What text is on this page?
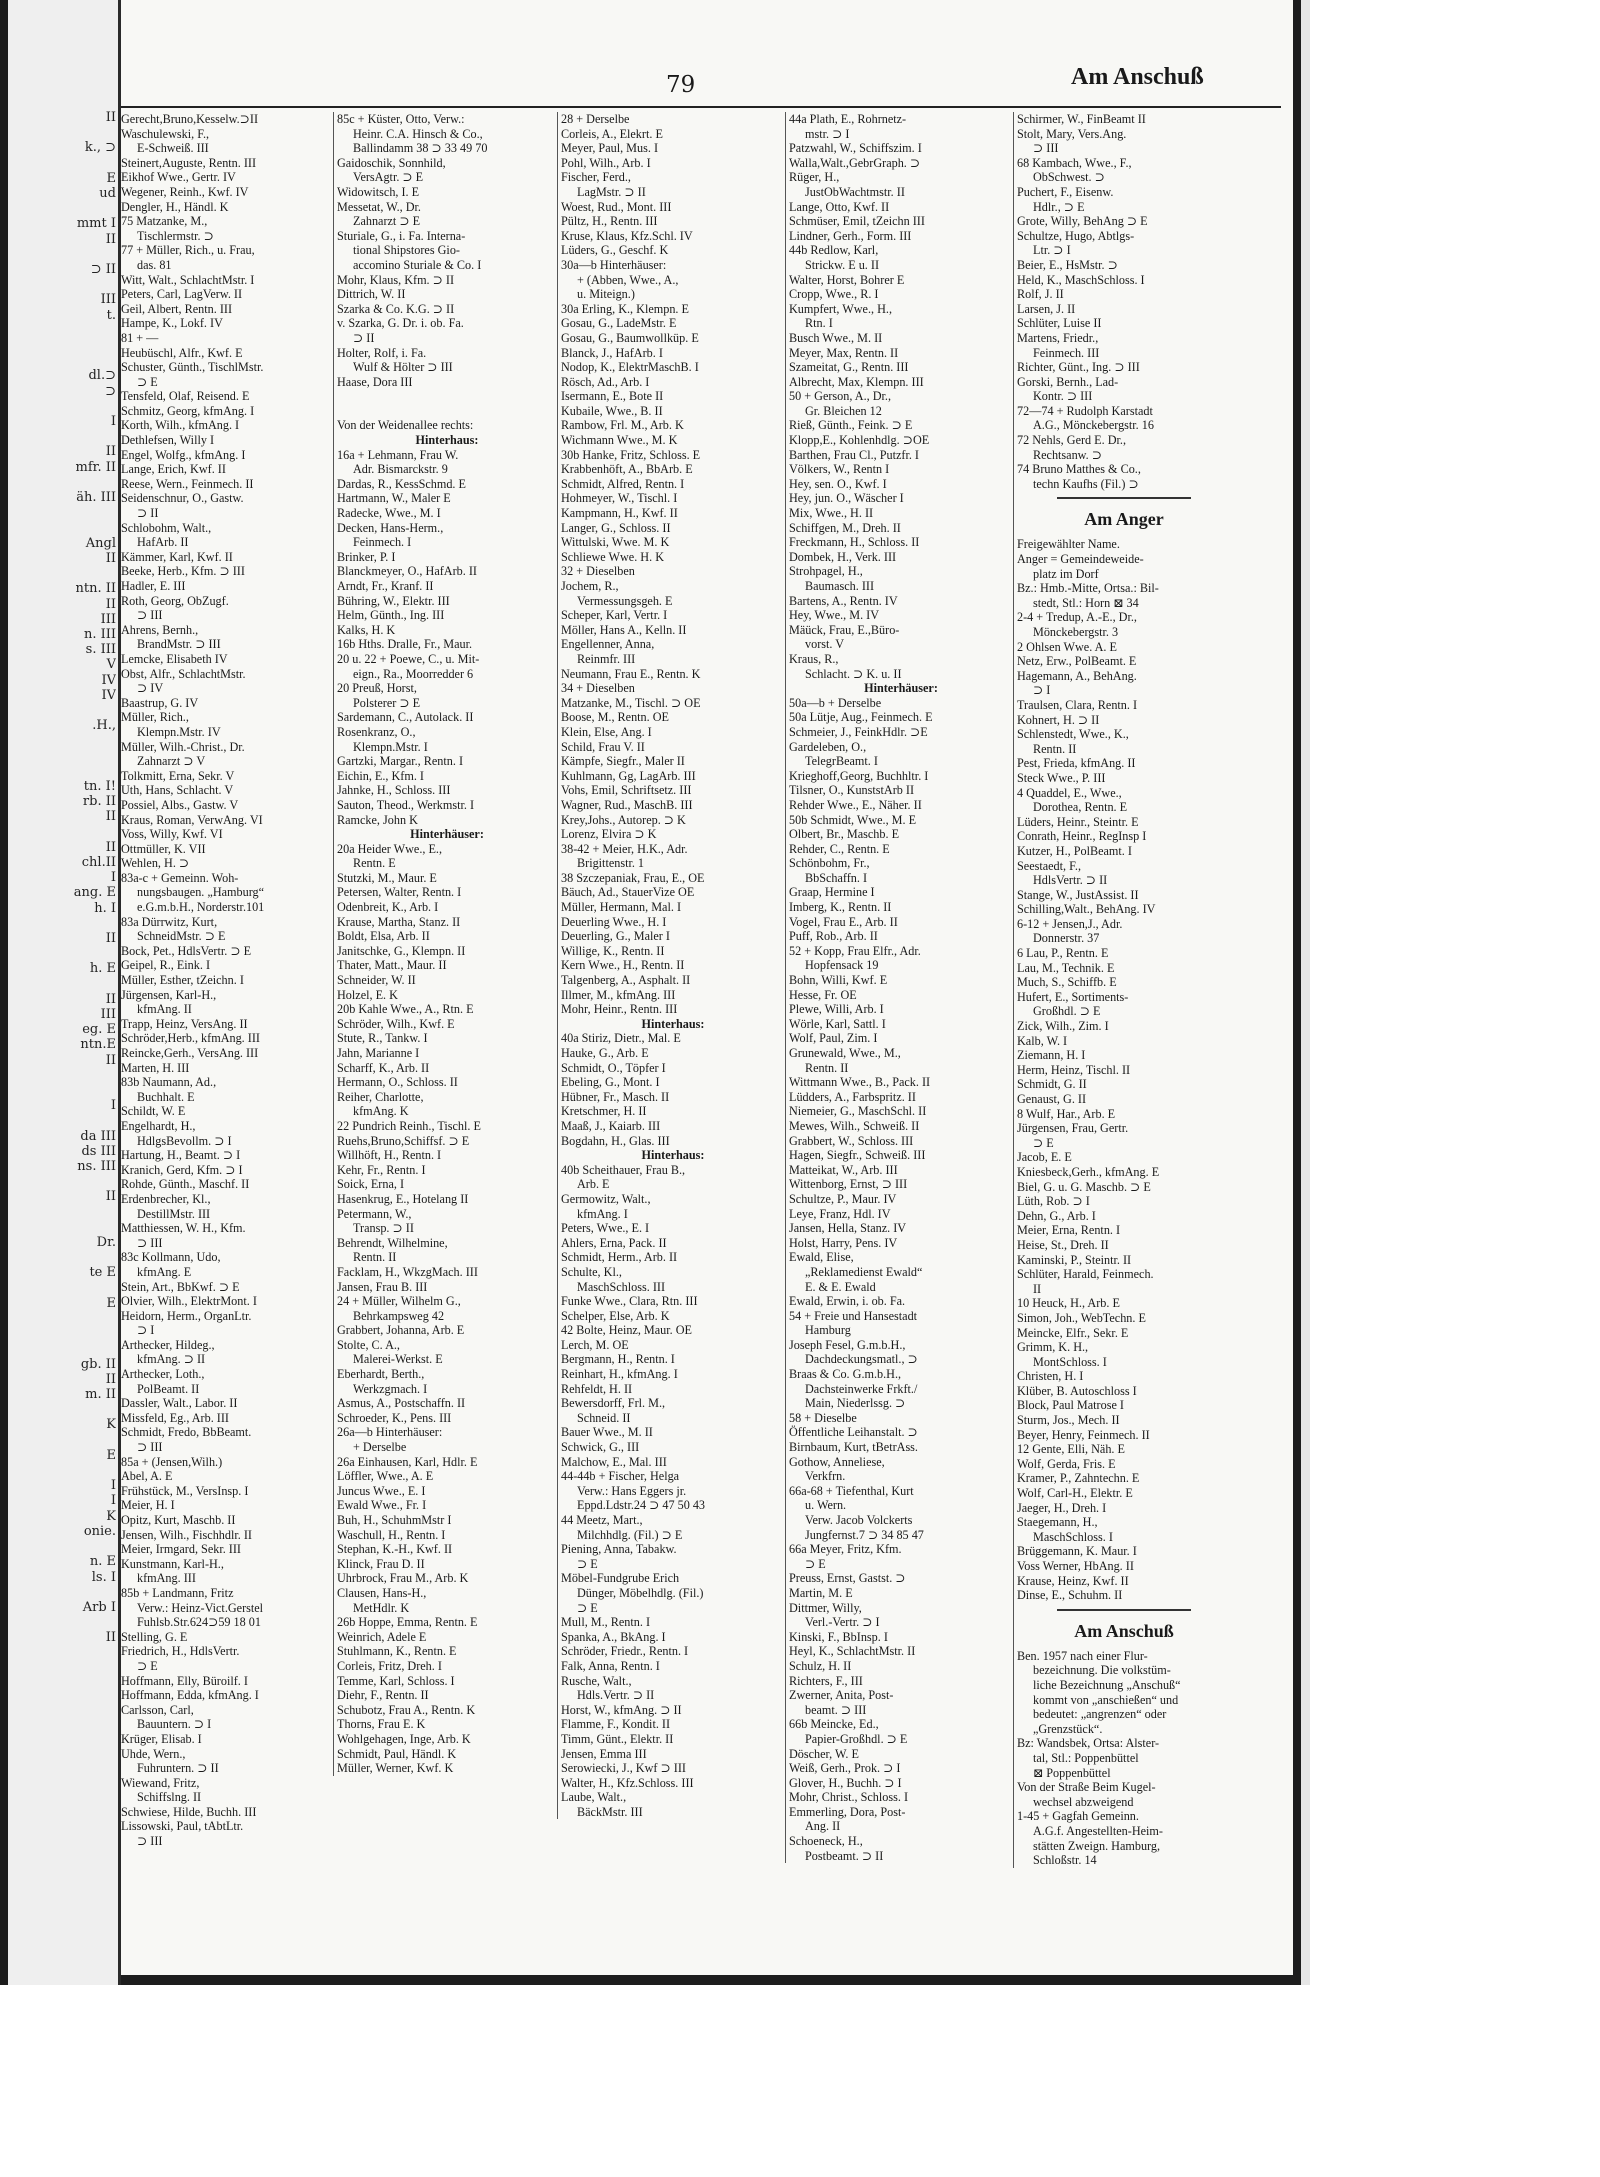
II

k., ⊃

E
ud

mmt I
II

⊃ II

III
t.

dl.⊃
⊃

I

II
mfr. II

äh. III

Angl
II

ntn. II
II
III
n. III
s. III
V
IV
IV

.H.,

tn. I!
rb. II
II

II
chl.II
I
ang. E
h. I

II

h. E

II
III
eg. E
ntn.E
II

I

da III
ds III
ns. III

II

Dr.

te E

E

gb. II
II
m. II

K

E

I
I
K
onie.

n. E
ls. I

Arb I

II
79	Am Anschuß
Gerecht,Bruno,Kesselw.⊃II
Waschulewski, F.,
E-Schweiß. III
Steinert,Auguste, Rentn. III
Eikhof Wwe., Gertr. IV
Wegener, Reinh., Kwf. IV
Dengler, H., Händl. K
75 Matzanke, M.,
Tischlermstr. ⊃
77 + Müller, Rich., u. Frau,
das. 81
Witt, Walt., SchlachtMstr. I
Peters, Carl, LagVerw. II
Geil, Albert, Rentn. III
Hampe, K., Lokf. IV
81 + —
Heubüschl, Alfr., Kwf. E
Schuster, Günth., TischlMstr.
⊃ E
Tensfeld, Olaf, Reisend. E
Schmitz, Georg, kfmAng. I
Korth, Wilh., kfmAng. I
Dethlefsen, Willy I
Engel, Wolfg., kfmAng. I
Lange, Erich, Kwf. II
Reese, Wern., Feinmech. II
Seidenschnur, O., Gastw.
⊃ II
Schlobohm, Walt.,
HafArb. II
Kämmer, Karl, Kwf. II
Beeke, Herb., Kfm. ⊃ III
Hadler, E. III
Roth, Georg, ObZugf.
⊃ III
Ahrens, Bernh.,
BrandMstr. ⊃ III
Lemcke, Elisabeth IV
Obst, Alfr., SchlachtMstr.
⊃ IV
Baastrup, G. IV
Müller, Rich.,
Klempn.Mstr. IV
Müller, Wilh.-Christ., Dr.
Zahnarzt ⊃ V
Tolkmitt, Erna, Sekr. V
Uth, Hans, Schlacht. V
Possiel, Albs., Gastw. V
Kraus, Roman, VerwAng. VI
Voss, Willy, Kwf. VI
Ottmüller, K. VII
Wehlen, H. ⊃
83a-c + Gemeinn. Woh-
nungsbaugen. „Hamburg“
e.G.m.b.H., Norderstr.101
83a Dürrwitz, Kurt,
SchneidMstr. ⊃ E
Bock, Pet., HdlsVertr. ⊃ E
Geipel, R., Eink. I
Müller, Esther, tZeichn. I
Jürgensen, Karl-H.,
kfmAng. II
Trapp, Heinz, VersAng. II
Schröder,Herb., kfmAng. III
Reincke,Gerh., VersAng. III
Marten, H. III
83b Naumann, Ad.,
Buchhalt. E
Schildt, W. E
Engelhardt, H.,
HdlgsBevollm. ⊃ I
Hartung, H., Beamt. ⊃ I
Kranich, Gerd, Kfm. ⊃ I
Rohde, Günth., Maschf. II
Erdenbrecher, Kl.,
DestillMstr. III
Matthiessen, W. H., Kfm.
⊃ III
83c Kollmann, Udo,
kfmAng. E
Stein, Art., BbKwf. ⊃ E
Olvier, Wilh., ElektrMont. I
Heidorn, Herm., OrganLtr.
⊃ I
Arthecker, Hildeg.,
kfmAng. ⊃ II
Arthecker, Loth.,
PolBeamt. II
Dassler, Walt., Labor. II
Missfeld, Eg., Arb. III
Schmidt, Fredo, BbBeamt.
⊃ III
85a + (Jensen,Wilh.)
Abel, A. E
Frühstück, M., VersInsp. I
Meier, H. I
Opitz, Kurt, Maschb. II
Jensen, Wilh., Fischhdlr. II
Meier, Irmgard, Sekr. III
Kunstmann, Karl-H.,
kfmAng. III
85b + Landmann, Fritz
Verw.: Heinz-Vict.Gerstel
Fuhlsb.Str.624⊃59 18 01
Stelling, G. E
Friedrich, H., HdlsVertr.
⊃ E
Hoffmann, Elly, Büroilf. I
Hoffmann, Edda, kfmAng. I
Carlsson, Carl,
Bauuntern. ⊃ I
Krüger, Elisab. I
Uhde, Wern.,
Fuhruntern. ⊃ II
Wiewand, Fritz,
Schiffslng. II
Schwiese, Hilde, Buchh. III
Lissowski, Paul, tAbtLtr.
⊃ III
85c + Küster, Otto, Verw.:
Heinr. C.A. Hinsch & Co.,
Ballindamm 38 ⊃ 33 49 70
Gaidoschik, Sonnhild,
VersAgtr. ⊃ E
Widowitsch, I. E
Messetat, W., Dr.
Zahnarzt ⊃ E
Sturiale, G., i. Fa. Interna-
tional Shipstores Gio-
accomino Sturiale & Co. I
Mohr, Klaus, Kfm. ⊃ II
Dittrich, W. II
Szarka & Co. K.G. ⊃ II
v. Szarka, G. Dr. i. ob. Fa.
⊃ II
Holter, Rolf, i. Fa.
Wulf & Hölter ⊃ III
Haase, Dora III

Von der Weidenallee rechts:
Hinterhaus:
16a + Lehmann, Frau W.
Adr. Bismarckstr. 9
Dardas, R., KessSchmd. E
Hartmann, W., Maler E
Radecke, Wwe., M. I
Decken, Hans-Herm.,
Feinmech. I
Brinker, P. I
Blanckmeyer, O., HafArb. II
Arndt, Fr., Kranf. II
Bühring, W., Elektr. III
Helm, Günth., Ing. III
Kalks, H. K
16b Hths. Dralle, Fr., Maur.
20 u. 22 + Poewe, C., u. Mit-
eign., Ra., Moorredder 6
20 Preuß, Horst,
Polsterer ⊃ E
Sardemann, C., Autolack. II
Rosenkranz, O.,
Klempn.Mstr. I
Gartzki, Margar., Rentn. I
Eichin, E., Kfm. I
Jahnke, H., Schloss. III
Sauton, Theod., Werkmstr. I
Ramcke, John K
Hinterhäuser:
20a Heider Wwe., E.,
Rentn. E
Stutzki, M., Maur. E
Petersen, Walter, Rentn. I
Odenbreit, K., Arb. I
Krause, Martha, Stanz. II
Boldt, Elsa, Arb. II
Janitschke, G., Klempn. II
Thater, Matt., Maur. II
Schneider, W. II
Holzel, E. K
20b Kahle Wwe., A., Rtn. E
Schröder, Wilh., Kwf. E
Stute, R., Tankw. I
Jahn, Marianne I
Scharff, K., Arb. II
Hermann, O., Schloss. II
Reiher, Charlotte,
kfmAng. K
22 Pundrich Reinh., Tischl. E
Ruehs,Bruno,Schiffsf. ⊃ E
Willhöft, H., Rentn. I
Kehr, Fr., Rentn. I
Soick, Erna, I
Hasenkrug, E., Hotelang II
Petermann, W.,
Transp. ⊃ II
Behrendt, Wilhelmine,
Rentn. II
Facklam, H., WkzgMach. III
Jansen, Frau B. III
24 + Müller, Wilhelm G.,
Behrkampsweg 42
Grabbert, Johanna, Arb. E
Stolte, C. A.,
Malerei-Werkst. E
Eberhardt, Berth.,
Werkzgmach. I
Asmus, A., Postschaffn. II
Schroeder, K., Pens. III
26a—b Hinterhäuser:
+ Derselbe
26a Einhausen, Karl, Hdlr. E
Löffler, Wwe., A. E
Juncus Wwe., E. I
Ewald Wwe., Fr. I
Buh, H., SchuhmMstr I
Waschull, H., Rentn. I
Stephan, K.-H., Kwf. II
Klinck, Frau D. II
Uhrbrock, Frau M., Arb. K
Clausen, Hans-H.,
MetHdlr. K
26b Hoppe, Emma, Rentn. E
Weinrich, Adele E
Stuhlmann, K., Rentn. E
Corleis, Fritz, Dreh. I
Temme, Karl, Schloss. I
Diehr, F., Rentn. II
Schubotz, Frau A., Rentn. K
Thorns, Frau E. K
Wohlgehagen, Inge, Arb. K
Schmidt, Paul, Händl. K
Müller, Werner, Kwf. K
28 + Derselbe
Corleis, A., Elekrt. E
Meyer, Paul, Mus. I
Pohl, Wilh., Arb. I
Fischer, Ferd.,
LagMstr. ⊃ II
Woest, Rud., Mont. III
Pültz, H., Rentn. III
Kruse, Klaus, Kfz.Schl. IV
Lüders, G., Geschf. K
30a—b Hinterhäuser:
+ (Abben, Wwe., A.,
u. Miteign.)
30a Erling, K., Klempn. E
Gosau, G., LadeMstr. E
Gosau, G., Baumwollküp. E
Blanck, J., HafArb. I
Nodop, K., ElektrMaschB. I
Rösch, Ad., Arb. I
Isermann, E., Bote II
Kubaile, Wwe., B. II
Rambow, Frl. M., Arb. K
Wichmann Wwe., M. K
30b Hanke, Fritz, Schloss. E
Krabbenhöft, A., BbArb. E
Schmidt, Alfred, Rentn. I
Hohmeyer, W., Tischl. I
Kampmann, H., Kwf. II
Langer, G., Schloss. II
Wittulski, Wwe. M. K
Schliewe Wwe. H. K
32 + Dieselben
Jochem, R.,
Vermessungsgeh. E
Scheper, Karl, Vertr. I
Möller, Hans A., Kelln. II
Engellenner, Anna,
Reinmfr. III
Neumann, Frau E., Rentn. K
34 + Dieselben
Matzanke, M., Tischl. ⊃ OE
Boose, M., Rentn. OE
Klein, Else, Ang. I
Schild, Frau V. II
Kämpfe, Siegfr., Maler II
Kuhlmann, Gg, LagArb. III
Vohs, Emil, Schriftsetz. III
Wagner, Rud., MaschB. III
Krey,Johs., Autorep. ⊃ K
Lorenz, Elvira ⊃ K
38-42 + Meier, H.K., Adr.
Brigittenstr. 1
38 Szczepaniak, Frau, E., OE
Bäuch, Ad., StauerVize OE
Müller, Hermann, Mal. I
Deuerling Wwe., H. I
Deuerling, G., Maler I
Willige, K., Rentn. II
Kern Wwe., H., Rentn. II
Talgenberg, A., Asphalt. II
Illmer, M., kfmAng. III
Mohr, Heinr., Rentn. III
Hinterhaus:
40a Stiriz, Dietr., Mal. E
Hauke, G., Arb. E
Schmidt, O., Töpfer I
Ebeling, G., Mont. I
Hübner, Fr., Masch. II
Kretschmer, H. II
Maaß, J., Kaiarb. III
Bogdahn, H., Glas. III
Hinterhaus:
40b Scheithauer, Frau B.,
Arb. E
Germowitz, Walt.,
kfmAng. I
Peters, Wwe., E. I
Ahlers, Erna, Pack. II
Schmidt, Herm., Arb. II
Schulte, Kl.,
MaschSchloss. III
Funke Wwe., Clara, Rtn. III
Schelper, Else, Arb. K
42 Bolte, Heinz, Maur. OE
Lerch, M. OE
Bergmann, H., Rentn. I
Reinhart, H., kfmAng. I
Rehfeldt, H. II
Bewersdorff, Frl. M.,
Schneid. II
Bauer Wwe., M. II
Schwick, G., III
Malchow, E., Mal. III
44-44b + Fischer, Helga
Verw.: Hans Eggers jr.
Eppd.Ldstr.24 ⊃ 47 50 43
44 Meetz, Mart.,
Milchhdlg. (Fil.) ⊃ E
Piening, Anna, Tabakw.
⊃ E
Möbel-Fundgrube Erich
Dünger, Möbelhdlg. (Fil.)
⊃ E
Mull, M., Rentn. I
Spanka, A., BkAng. I
Schröder, Friedr., Rentn. I
Falk, Anna, Rentn. I
Rusche, Walt.,
Hdls.Vertr. ⊃ II
Horst, W., kfmAng. ⊃ II
Flamme, F., Kondit. II
Timm, Günt., Elektr. II
Jensen, Emma III
Serowiecki, J., Kwf ⊃ III
Walter, H., Kfz.Schloss. III
Laube, Walt.,
BäckMstr. III
44a Plath, E., Rohrnetz-
mstr. ⊃ I
Patzwahl, W., Schiffszim. I
Walla,Walt.,GebrGraph. ⊃
Rüger, H.,
JustObWachtmstr. II
Lange, Otto, Kwf. II
Schmüser, Emil, tZeichn III
Lindner, Gerh., Form. III
44b Redlow, Karl,
Strickw. E u. II
Walter, Horst, Bohrer E
Cropp, Wwe., R. I
Kumpfert, Wwe., H.,
Rtn. I
Busch Wwe., M. II
Meyer, Max, Rentn. II
Szameitat, G., Rentn. III
Albrecht, Max, Klempn. III
50 + Gerson, A., Dr.,
Gr. Bleichen 12
Rieß, Günth., Feink. ⊃ E
Klopp,E., Kohlenhdlg. ⊃OE
Barthen, Frau Cl., Putzfr. I
Völkers, W., Rentn I
Hey, sen. O., Kwf. I
Hey, jun. O., Wäscher I
Mix, Wwe., H. II
Schiffgen, M., Dreh. II
Freckmann, H., Schloss. II
Dombek, H., Verk. III
Strohpagel, H.,
Baumasch. III
Bartens, A., Rentn. IV
Hey, Wwe., M. IV
Mäück, Frau, E.,Büro-
vorst. V
Kraus, R.,
Schlacht. ⊃ K. u. II
Hinterhäuser:
50a—b + Derselbe
50a Lütje, Aug., Feinmech. E
Schmeier, J., FeinkHdlr. ⊃E
Gardeleben, O.,
TelegrBeamt. I
Krieghoff,Georg, Buchhltr. I
Tilsner, O., KunststArb II
Rehder Wwe., E., Näher. II
50b Schmidt, Wwe., M. E
Olbert, Br., Maschb. E
Rehder, C., Rentn. E
Schönbohm, Fr.,
BbSchaffn. I
Graap, Hermine I
Imberg, K., Rentn. II
Vogel, Frau E., Arb. II
Puff, Rob., Arb. II
52 + Kopp, Frau Elfr., Adr.
Hopfensack 19
Bohn, Willi, Kwf. E
Hesse, Fr. OE
Plewe, Willi, Arb. I
Wörle, Karl, Sattl. I
Wolf, Paul, Zim. I
Grunewald, Wwe., M.,
Rentn. II
Wittmann Wwe., B., Pack. II
Lüdders, A., Farbspritz. II
Niemeier, G., MaschSchl. II
Mewes, Wilh., Schweiß. II
Grabbert, W., Schloss. III
Hagen, Siegfr., Schweiß. III
Matteikat, W., Arb. III
Wittenborg, Ernst, ⊃ III
Schultze, P., Maur. IV
Leye, Franz, Hdl. IV
Jansen, Hella, Stanz. IV
Holst, Harry, Pens. IV
Ewald, Elise,
„Reklamedienst Ewald“
E. & E. Ewald
Ewald, Erwin, i. ob. Fa.
54 + Freie und Hansestadt
Hamburg
Joseph Fesel, G.m.b.H.,
Dachdeckungsmatl., ⊃
Braas & Co. G.m.b.H.,
Dachsteinwerke Frkft./
Main, Niederlssg. ⊃
58 + Dieselbe
Öffentliche Leihanstalt. ⊃
Birnbaum, Kurt, tBetrAss.
Gothow, Anneliese,
Verkfrn.
66a-68 + Tiefenthal, Kurt
u. Wern.
Verw. Jacob Volckerts
Jungfernst.7 ⊃ 34 85 47
66a Meyer, Fritz, Kfm.
⊃ E
Preuss, Ernst, Gastst. ⊃
Martin, M. E
Dittmer, Willy,
Verl.-Vertr. ⊃ I
Kinski, F., BbInsp. I
Heyl, K., SchlachtMstr. II
Schulz, H. II
Richters, F., III
Zwerner, Anita, Post-
beamt. ⊃ III
66b Meincke, Ed.,
Papier-Großhdl. ⊃ E
Döscher, W. E
Weiß, Gerh., Prok. ⊃ I
Glover, H., Buchh. ⊃ I
Mohr, Christ., Schloss. I
Emmerling, Dora, Post-
Ang. II
Schoeneck, H.,
Postbeamt. ⊃ II
Schirmer, W., FinBeamt II
Stolt, Mary, Vers.Ang.
⊃ III
68 Kambach, Wwe., F.,
ObSchwest. ⊃
Puchert, F., Eisenw.
Hdlr., ⊃ E
Grote, Willy, BehAng ⊃ E
Schultze, Hugo, Abtlgs-
Ltr. ⊃ I
Beier, E., HsMstr. ⊃
Held, K., MaschSchloss. I
Rolf, J. II
Larsen, J. II
Schlüter, Luise II
Martens, Friedr.,
Feinmech. III
Richter, Günt., Ing. ⊃ III
Gorski, Bernh., Lad-
Kontr. ⊃ III
72—74 + Rudolph Karstadt
A.G., Mönckebergstr. 16
72 Nehls, Gerd E. Dr.,
Rechtsanw. ⊃
74 Bruno Matthes & Co.,
techn Kaufhs (Fil.) ⊃
Am Anger
Freigewählter Name.
Anger = Gemeindeweide-
platz im Dorf
Bz.: Hmb.-Mitte, Ortsa.: Bil-
stedt, Stl.: Horn ⊠ 34
2-4 + Tredup, A.-E., Dr.,
Mönckebergstr. 3
2 Ohlsen Wwe. A. E
Netz, Erw., PolBeamt. E
Hagemann, A., BehAng.
⊃ I
Traulsen, Clara, Rentn. I
Kohnert, H. ⊃ II
Schlenstedt, Wwe., K.,
Rentn. II
Pest, Frieda, kfmAng. II
Steck Wwe., P. III
4 Quaddel, E., Wwe.,
Dorothea, Rentn. E
Lüders, Heinr., Steintr. E
Conrath, Heinr., RegInsp I
Kutzer, H., PolBeamt. I
Seestaedt, F.,
HdlsVertr. ⊃ II
Stange, W., JustAssist. II
Schilling,Walt., BehAng. IV
6-12 + Jensen,J., Adr.
Donnerstr. 37
6 Lau, P., Rentn. E
Lau, M., Technik. E
Much, S., Schiffb. E
Hufert, E., Sortiments-
Großhdl. ⊃ E
Zick, Wilh., Zim. I
Kalb, W. I
Ziemann, H. I
Herm, Heinz, Tischl. II
Schmidt, G. II
Genaust, G. II
8 Wulf, Har., Arb. E
Jürgensen, Frau, Gertr.
⊃ E
Jacob, E. E
Kniesbeck,Gerh., kfmAng. E
Biel, G. u. G. Maschb. ⊃ E
Lüth, Rob. ⊃ I
Dehn, G., Arb. I
Meier, Erna, Rentn. I
Heise, St., Dreh. II
Kaminski, P., Steintr. II
Schlüter, Harald, Feinmech.
II
10 Heuck, H., Arb. E
Simon, Joh., WebTechn. E
Meincke, Elfr., Sekr. E
Grimm, K. H.,
MontSchloss. I
Christen, H. I
Klüber, B. Autoschloss I
Block, Paul Matrose I
Sturm, Jos., Mech. II
Beyer, Henry, Feinmech. II
12 Gente, Elli, Näh. E
Wolf, Gerda, Fris. E
Kramer, P., Zahntechn. E
Wolf, Carl-H., Elektr. E
Jaeger, H., Dreh. I
Staegemann, H.,
MaschSchloss. I
Brüggemann, K. Maur. I
Voss Werner, HbAng. II
Krause, Heinz, Kwf. II
Dinse, E., Schuhm. II
Am Anschuß
Ben. 1957 nach einer Flur-
bezeichnung. Die volkstüm-
liche Bezeichnung „Anschuß“
kommt von „anschießen“ und
bedeutet: „angrenzen“ oder
„Grenzstück“.
Bz: Wandsbek, Ortsa: Alster-
tal, Stl.: Poppenbüttel
⊠ Poppenbüttel
Von der Straße Beim Kugel-
wechsel abzweigend
1-45 + Gagfah Gemeinn.
A.G.f. Angestellten-Heim-
stätten Zweign. Hamburg,
Schloßstr. 14
